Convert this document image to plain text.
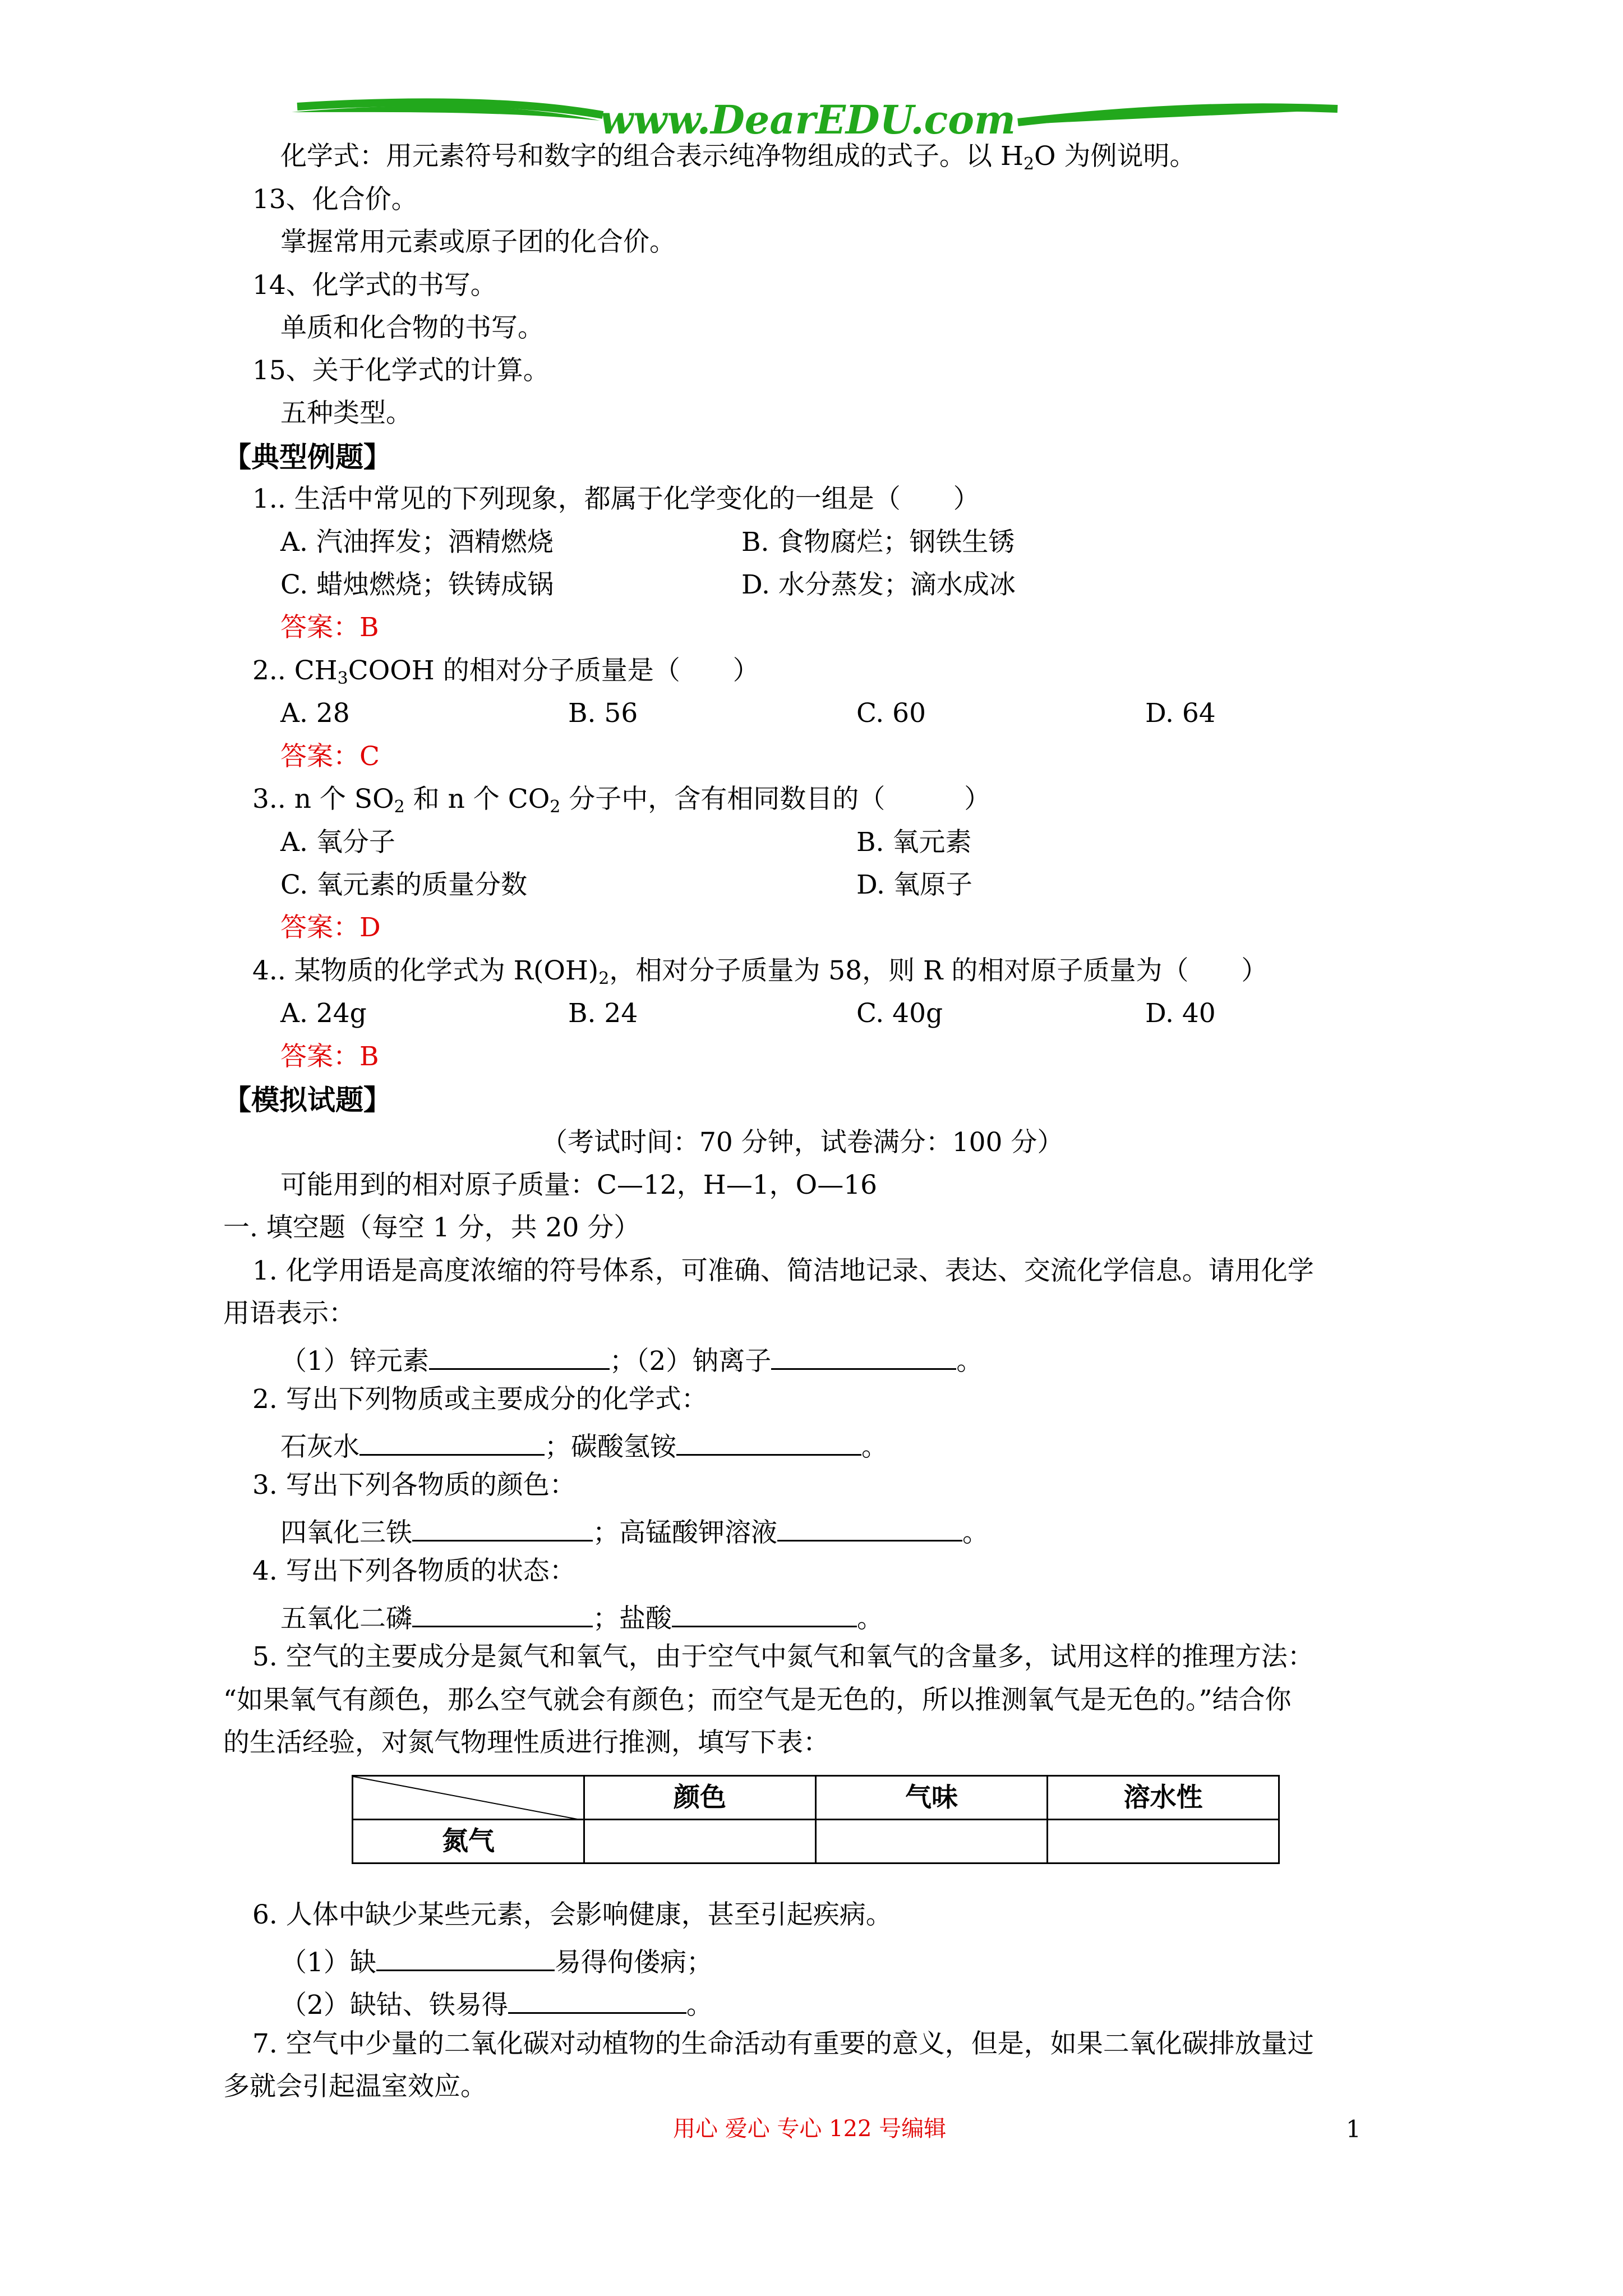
www.DearEDU.com
化学式：用元素符号和数字的组合表示纯净物组成的式子。以 $H_2O$ 为例说明。
13、化合价。
掌握常用元素或原子团的化合价。
14、化学式的书写。
单质和化合物的书写。
15、关于化学式的计算。
五种类型。
【典型例题】
1.. 生活中常见的下列现象，都属于化学变化的一组是（　　）
A. 汽油挥发；酒精燃烧	B. 食物腐烂；钢铁生锈
C. 蜡烛燃烧；铁铸成锅	D. 水分蒸发；滴水成冰
答案：B
2.. $CH_3COOH$ 的相对分子质量是（　　）
A. 28	B. 56	C. 60	D. 64
答案：C
3.. n 个 $SO_2$ 和 n 个 $CO_2$ 分子中，含有相同数目的（　　　）
A. 氧分子	B. 氧元素
C. 氧元素的质量分数	D. 氧原子
答案：D
4.. 某物质的化学式为 $R(OH)_2$，相对分子质量为 58，则 R 的相对原子质量为（　　）
A. 24g	B. 24	C. 40g	D. 40
答案：B
【模拟试题】
（考试时间：70 分钟，试卷满分：100 分）
可能用到的相对原子质量：C—12，H—1，O—16
一. 填空题（每空 1 分，共 20 分）
1. 化学用语是高度浓缩的符号体系，可准确、简洁地记录、表达、交流化学信息。请用化学
用语表示：
（1）锌元素	；（2）钠离子	。
2. 写出下列物质或主要成分的化学式：
石灰水	；碳酸氢铵	。
3. 写出下列各物质的颜色：
四氧化三铁	；高锰酸钾溶液	。
4. 写出下列各物质的状态：
五氧化二磷	；盐酸	。
5. 空气的主要成分是氮气和氧气，由于空气中氮气和氧气的含量多，试用这样的推理方法：
“如果氧气有颜色，那么空气就会有颜色；而空气是无色的，所以推测氧气是无色的。”结合你
的生活经验，对氮气物理性质进行推测，填写下表：
	颜色	气味	溶水性
氮气			
6. 人体中缺少某些元素，会影响健康，甚至引起疾病。
（1）缺	易得佝偻病；
（2）缺钴、铁易得	。
7. 空气中少量的二氧化碳对动植物的生命活动有重要的意义，但是，如果二氧化碳排放量过
多就会引起温室效应。
用心 爱心 专心 122 号编辑	1
